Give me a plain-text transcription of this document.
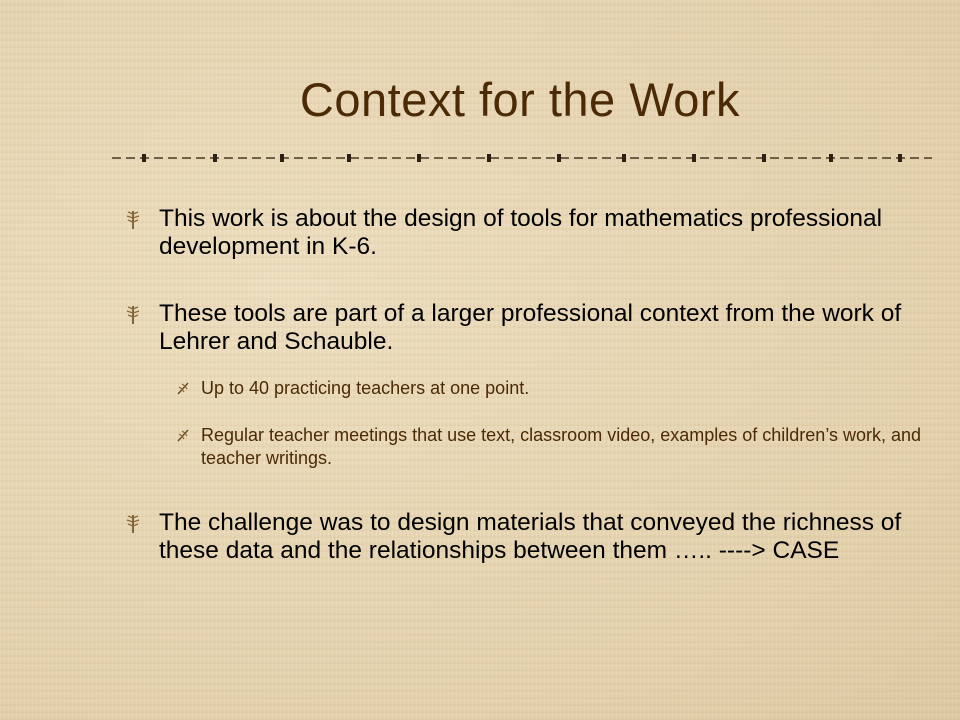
Context for the Work
This work is about the design of tools for mathematics professional development in K-6.
These tools are part of a larger professional context from the work of Lehrer and Schauble.
Up to 40 practicing teachers at one point.
Regular teacher meetings that use text, classroom video, examples of children’s work, and teacher writings.
The challenge was to design materials that conveyed the richness of these data and the relationships between them ….. ----> CASE
